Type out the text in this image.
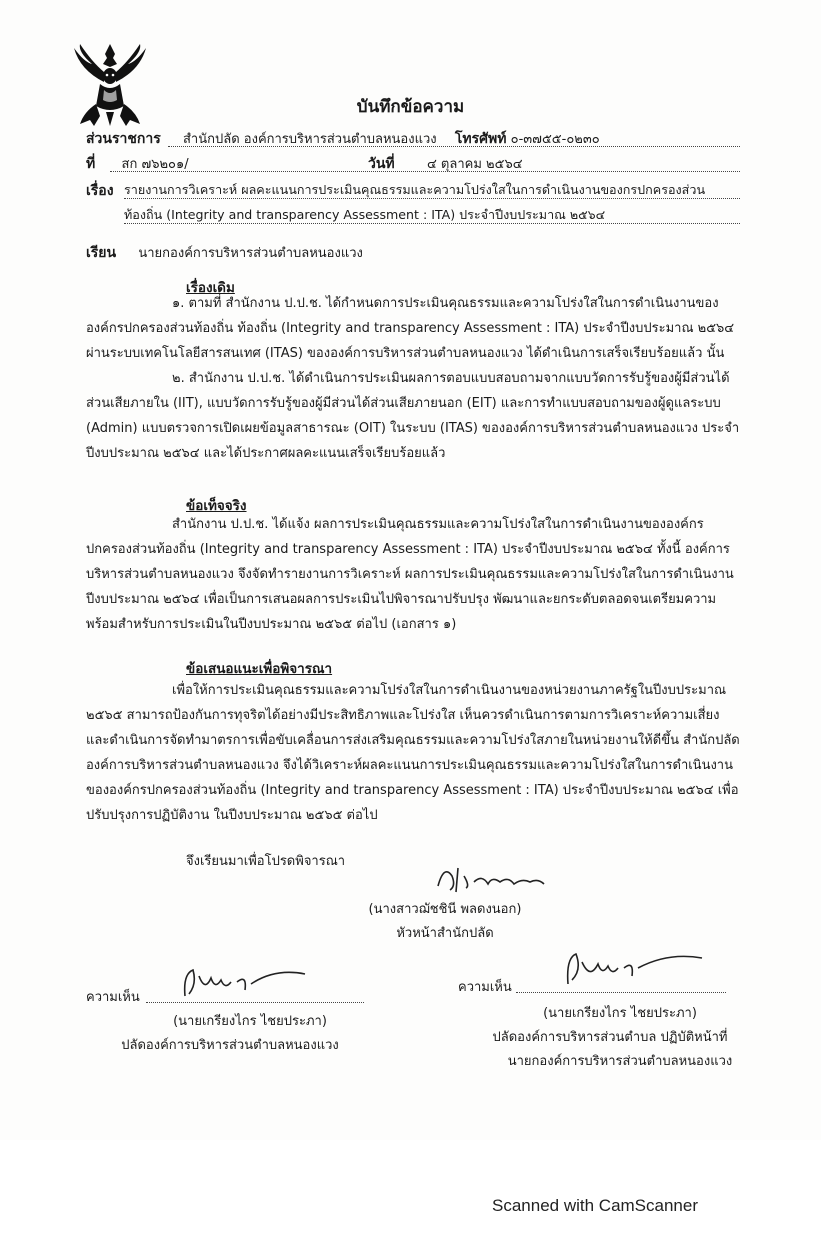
บันทึกข้อความ
ส่วนราชการ สำนักปลัด องค์การบริหารส่วนตำบลหนองแวง โทรศัพท์ ๐-๓๗๕๕-๐๒๓๐
ที่ สก ๗๖๒๐๑/	วันที่ ๔ ตุลาคม ๒๕๖๔
เรื่อง รายงานการวิเคราะห์ ผลคะแนนการประเมินคุณธรรมและความโปร่งใสในการดำเนินงานของกรปกครองส่วน
ท้องถิ่น (Integrity and transparency Assessment : ITA) ประจำปีงบประมาณ ๒๕๖๔
เรียน นายกองค์การบริหารส่วนตำบลหนองแวง
เรื่องเดิม

๑. ตามที่ สำนักงาน ป.ป.ช. ได้กำหนดการประเมินคุณธรรมและความโปร่งใสในการดำเนินงานขององค์กรปกครองส่วนท้องถิ่น ท้องถิ่น (Integrity and transparency Assessment : ITA) ประจำปีงบประมาณ ๒๕๖๔ ผ่านระบบเทคโนโลยีสารสนเทศ (ITAS) ขององค์การบริหารส่วนตำบลหนองแวง ได้ดำเนินการเสร็จเรียบร้อยแล้ว นั้น

๒. สำนักงาน ป.ป.ช. ได้ดำเนินการประเมินผลการตอบแบบสอบถามจากแบบวัดการรับรู้ของผู้มีส่วนได้ส่วนเสียภายใน (IIT), แบบวัดการรับรู้ของผู้มีส่วนได้ส่วนเสียภายนอก (EIT) และการทำแบบสอบถามของผู้ดูแลระบบ (Admin) แบบตรวจการเปิดเผยข้อมูลสาธารณะ (OIT) ในระบบ (ITAS) ขององค์การบริหารส่วนตำบลหนองแวง ประจำปีงบประมาณ ๒๕๖๔ และได้ประกาศผลคะแนนเสร็จเรียบร้อยแล้ว

ข้อเท็จจริง

สำนักงาน ป.ป.ช. ได้แจ้ง ผลการประเมินคุณธรรมและความโปร่งใสในการดำเนินงานขององค์กรปกครองส่วนท้องถิ่น (Integrity and transparency Assessment : ITA) ประจำปีงบประมาณ ๒๕๖๔ ทั้งนี้ องค์การบริหารส่วนตำบลหนองแวง จึงจัดทำรายงานการวิเคราะห์ ผลการประเมินคุณธรรมและความโปร่งใสในการดำเนินงาน ปีงบประมาณ ๒๕๖๔ เพื่อเป็นการเสนอผลการประเมินไปพิจารณาปรับปรุง พัฒนาและยกระดับตลอดจนเตรียมความพร้อมสำหรับการประเมินในปีงบประมาณ ๒๕๖๕ ต่อไป (เอกสาร ๑)

ข้อเสนอแนะเพื่อพิจารณา

เพื่อให้การประเมินคุณธรรมและความโปร่งใสในการดำเนินงานของหน่วยงานภาครัฐในปีงบประมาณ ๒๕๖๕ สามารถป้องกันการทุจริตได้อย่างมีประสิทธิภาพและโปร่งใส เห็นควรดำเนินการตามการวิเคราะห์ความเสี่ยง และดำเนินการจัดทำมาตรการเพื่อขับเคลื่อนการส่งเสริมคุณธรรมและความโปร่งใสภายในหน่วยงานให้ดีขึ้น สำนักปลัด องค์การบริหารส่วนตำบลหนองแวง จึงได้วิเคราะห์ผลคะแนนการประเมินคุณธรรมและความโปร่งใสในการดำเนินงานขององค์กรปกครองส่วนท้องถิ่น (Integrity and transparency Assessment : ITA) ประจำปีงบประมาณ ๒๕๖๔ เพื่อปรับปรุงการปฏิบัติงาน ในปีงบประมาณ ๒๕๖๕ ต่อไป

จึงเรียนมาเพื่อโปรดพิจารณา
(นางสาวฌัชชินี พลดงนอก)
หัวหน้าสำนักปลัด
ความเห็น
(นายเกรียงไกร ไชยประภา)
ปลัดองค์การบริหารส่วนตำบลหนองแวง
ความเห็น
(นายเกรียงไกร ไชยประภา)
ปลัดองค์การบริหารส่วนตำบล ปฏิบัติหน้าที่
นายกองค์การบริหารส่วนตำบลหนองแวง
Scanned with CamScanner
